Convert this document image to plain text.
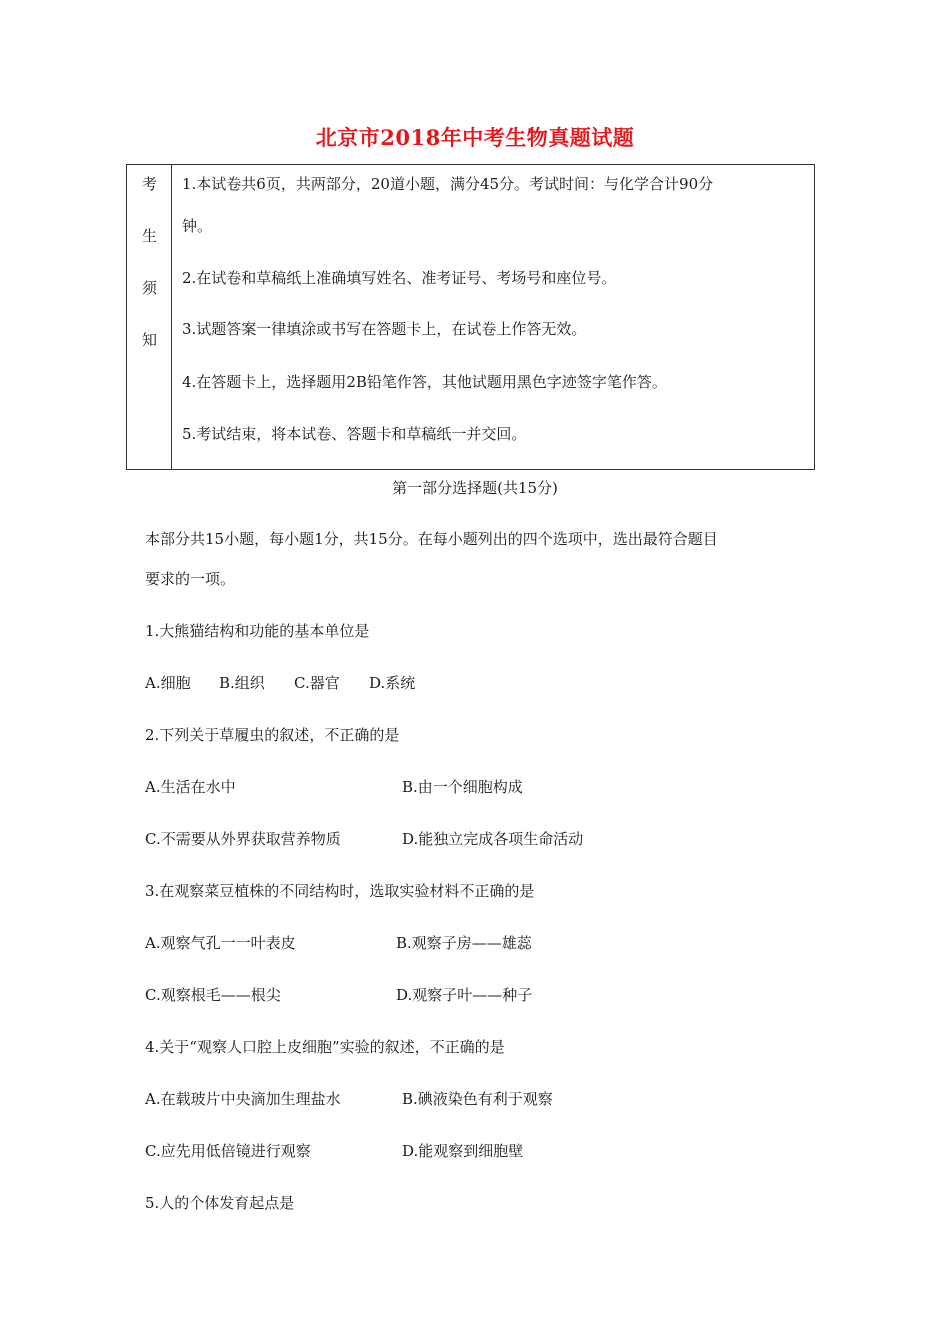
北京市2018年中考生物真题试题
考
生
须
知
1.本试卷共6页，共两部分，20道小题，满分45分。考试时间：与化学合计90分
钟。
2.在试卷和草稿纸上准确填写姓名、准考证号、考场号和座位号。
3.试题答案一律填涂或书写在答题卡上，在试卷上作答无效。
4.在答题卡上，选择题用2B铅笔作答，其他试题用黑色字迹签字笔作答。
5.考试结束，将本试卷、答题卡和草稿纸一并交回。
第一部分选择题(共15分)
本部分共15小题，每小题1分，共15分。在每小题列出的四个选项中，选出最符合题目
要求的一项。
1.大熊猫结构和功能的基本单位是
A.细胞 B.组织 C.器官 D.系统
2.下列关于草履虫的叙述，不正确的是
A.生活在水中	B.由一个细胞构成
C.不需要从外界获取营养物质	D.能独立完成各项生命活动
3.在观察菜豆植株的不同结构时，选取实验材料不正确的是
A.观察气孔一一叶表皮	B.观察子房——雄蕊
C.观察根毛——根尖	D.观察子叶——种子
4.关于“观察人口腔上皮细胞”实验的叙述，不正确的是
A.在载玻片中央滴加生理盐水	B.碘液染色有利于观察
C.应先用低倍镜进行观察	D.能观察到细胞壁
5.人的个体发育起点是
